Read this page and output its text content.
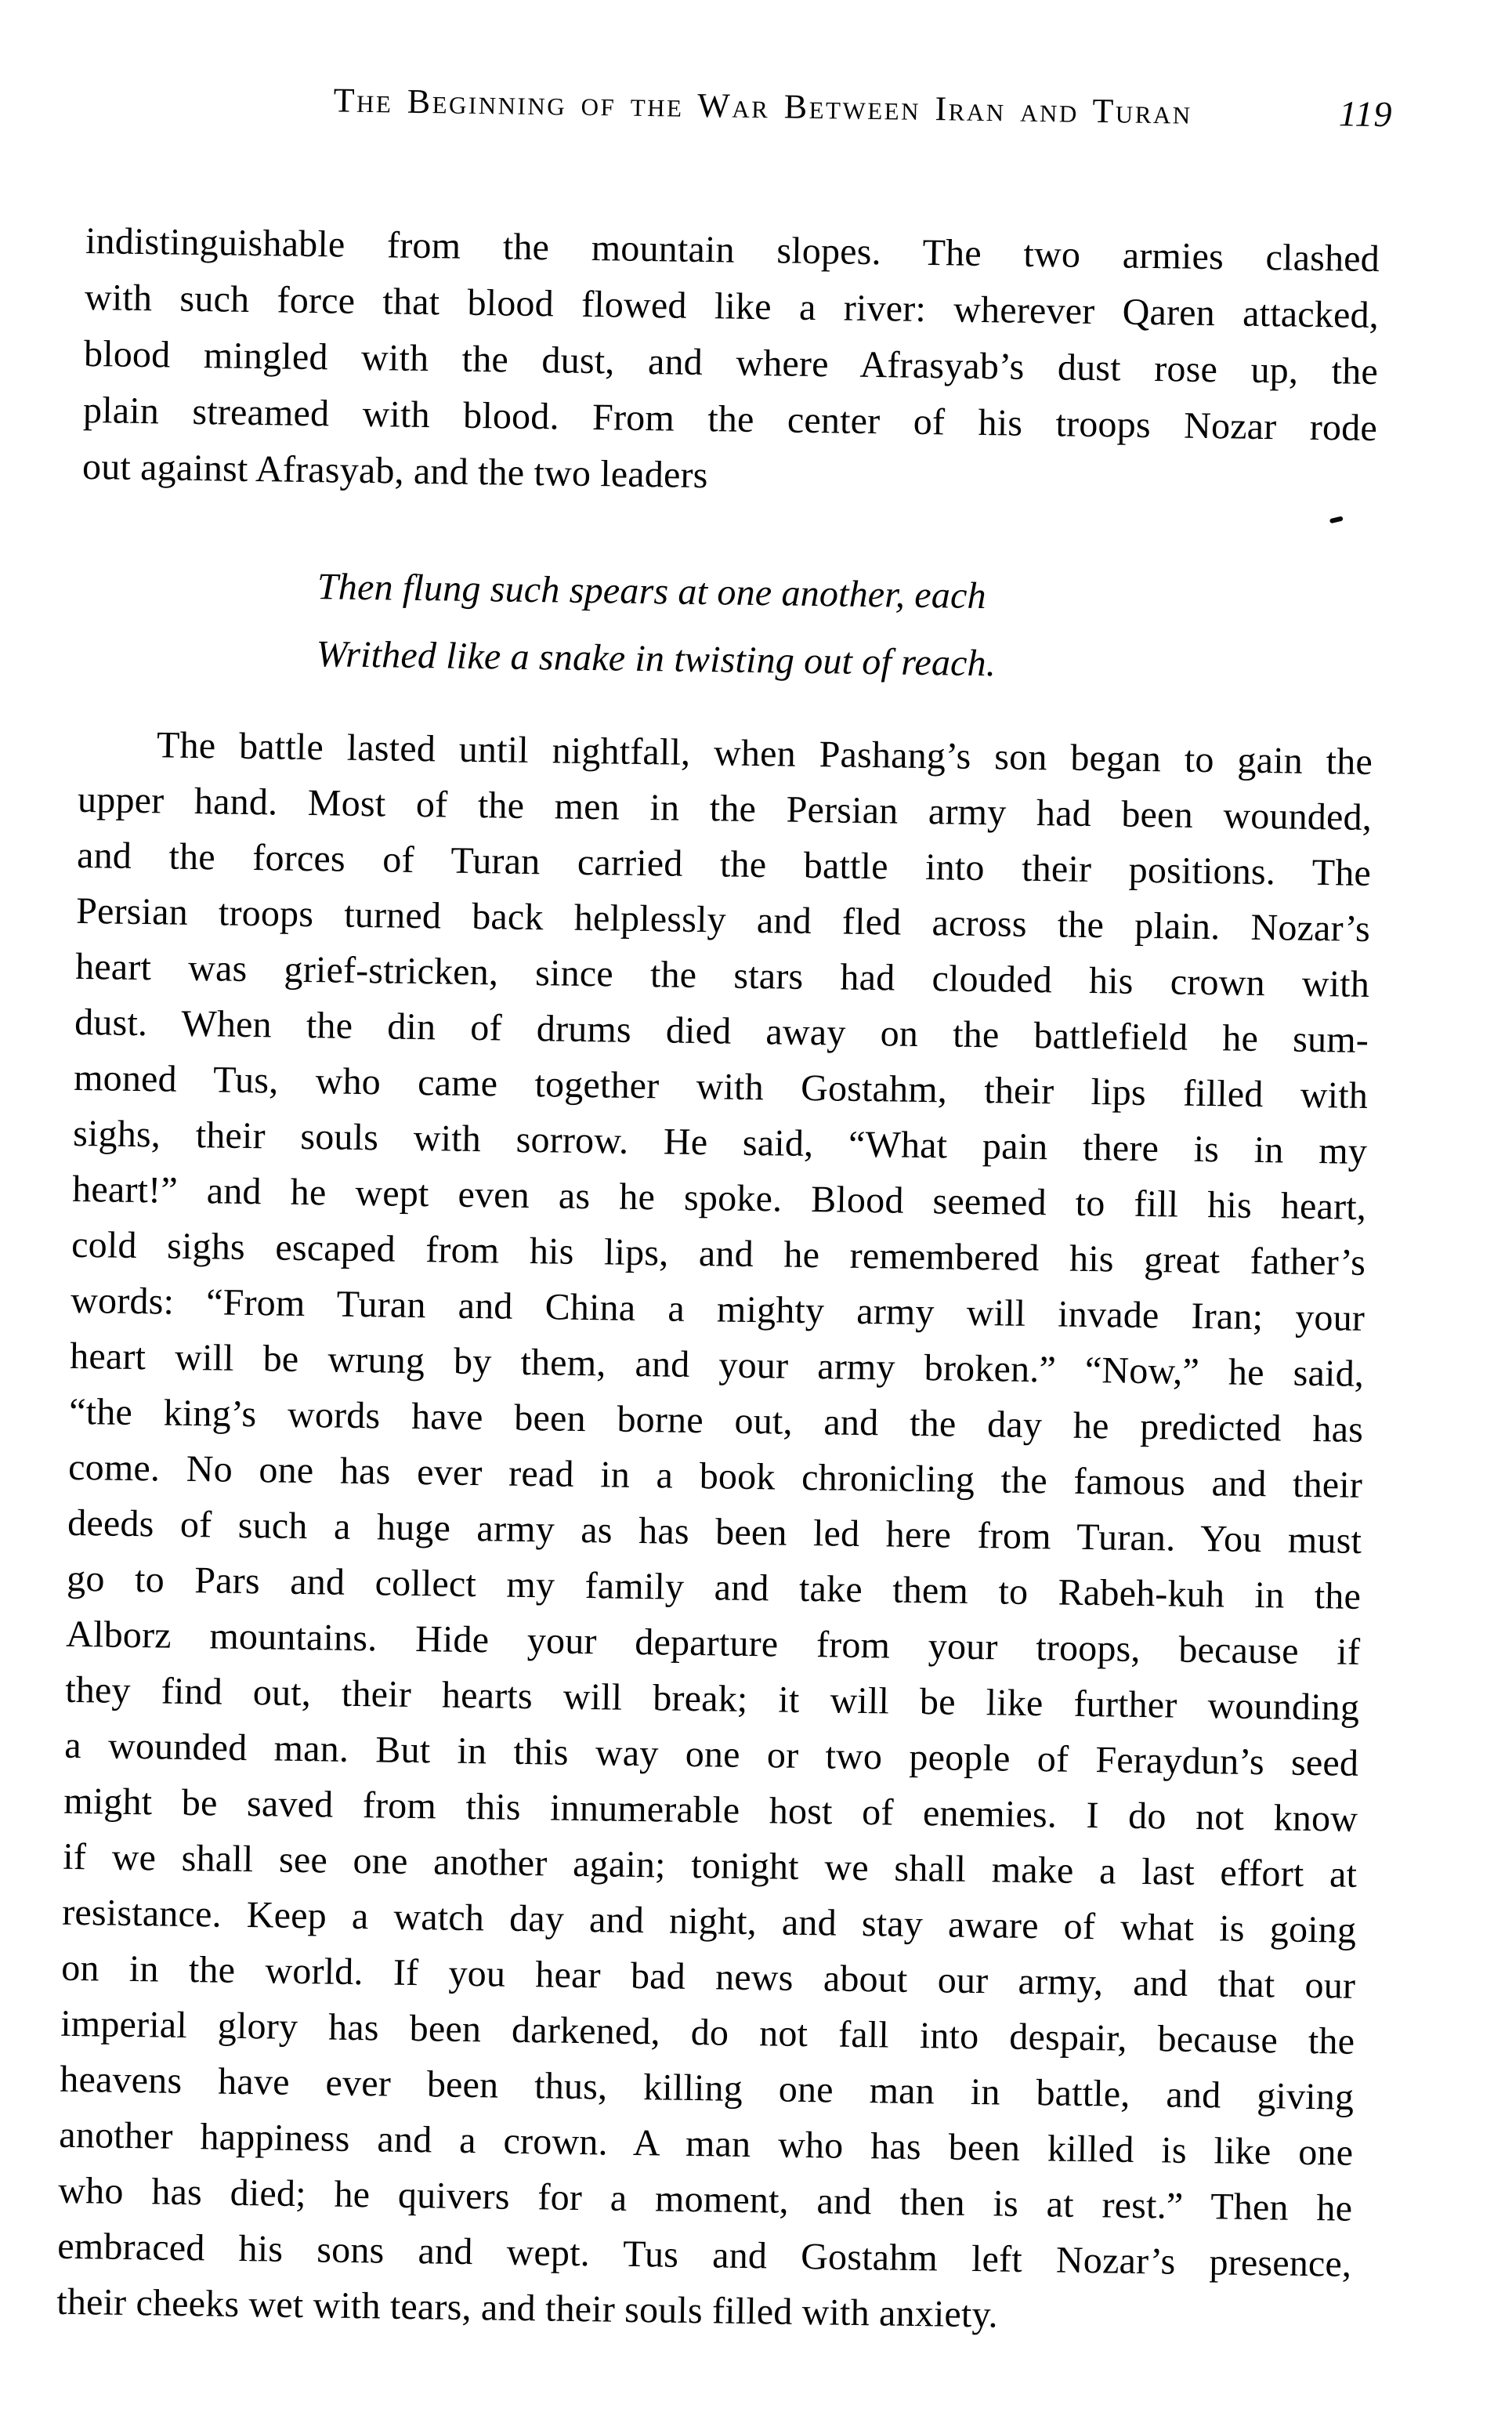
The Beginning of the War Between Iran and Turan	119
indistinguishable from the mountain slopes. The two armies clashed
with such force that blood flowed like a river: wherever Qaren attacked,
blood mingled with the dust, and where Afrasyab’s dust rose up, the
plain streamed with blood. From the center of his troops Nozar rode
out against Afrasyab, and the two leaders
Then flung such spears at one another, each
Writhed like a snake in twisting out of reach.
The battle lasted until nightfall, when Pashang’s son began to gain the
upper hand. Most of the men in the Persian army had been wounded,
and the forces of Turan carried the battle into their positions. The
Persian troops turned back helplessly and fled across the plain. Nozar’s
heart was grief-stricken, since the stars had clouded his crown with
dust. When the din of drums died away on the battlefield he sum-
moned Tus, who came together with Gostahm, their lips filled with
sighs, their souls with sorrow. He said, “What pain there is in my
heart!” and he wept even as he spoke. Blood seemed to fill his heart,
cold sighs escaped from his lips, and he remembered his great father’s
words: “From Turan and China a mighty army will invade Iran; your
heart will be wrung by them, and your army broken.” “Now,” he said,
“the king’s words have been borne out, and the day he predicted has
come. No one has ever read in a book chronicling the famous and their
deeds of such a huge army as has been led here from Turan. You must
go to Pars and collect my family and take them to Rabeh-kuh in the
Alborz mountains. Hide your departure from your troops, because if
they find out, their hearts will break; it will be like further wounding
a wounded man. But in this way one or two people of Feraydun’s seed
might be saved from this innumerable host of enemies. I do not know
if we shall see one another again; tonight we shall make a last effort at
resistance. Keep a watch day and night, and stay aware of what is going
on in the world. If you hear bad news about our army, and that our
imperial glory has been darkened, do not fall into despair, because the
heavens have ever been thus, killing one man in battle, and giving
another happiness and a crown. A man who has been killed is like one
who has died; he quivers for a moment, and then is at rest.” Then he
embraced his sons and wept. Tus and Gostahm left Nozar’s presence,
their cheeks wet with tears, and their souls filled with anxiety.
